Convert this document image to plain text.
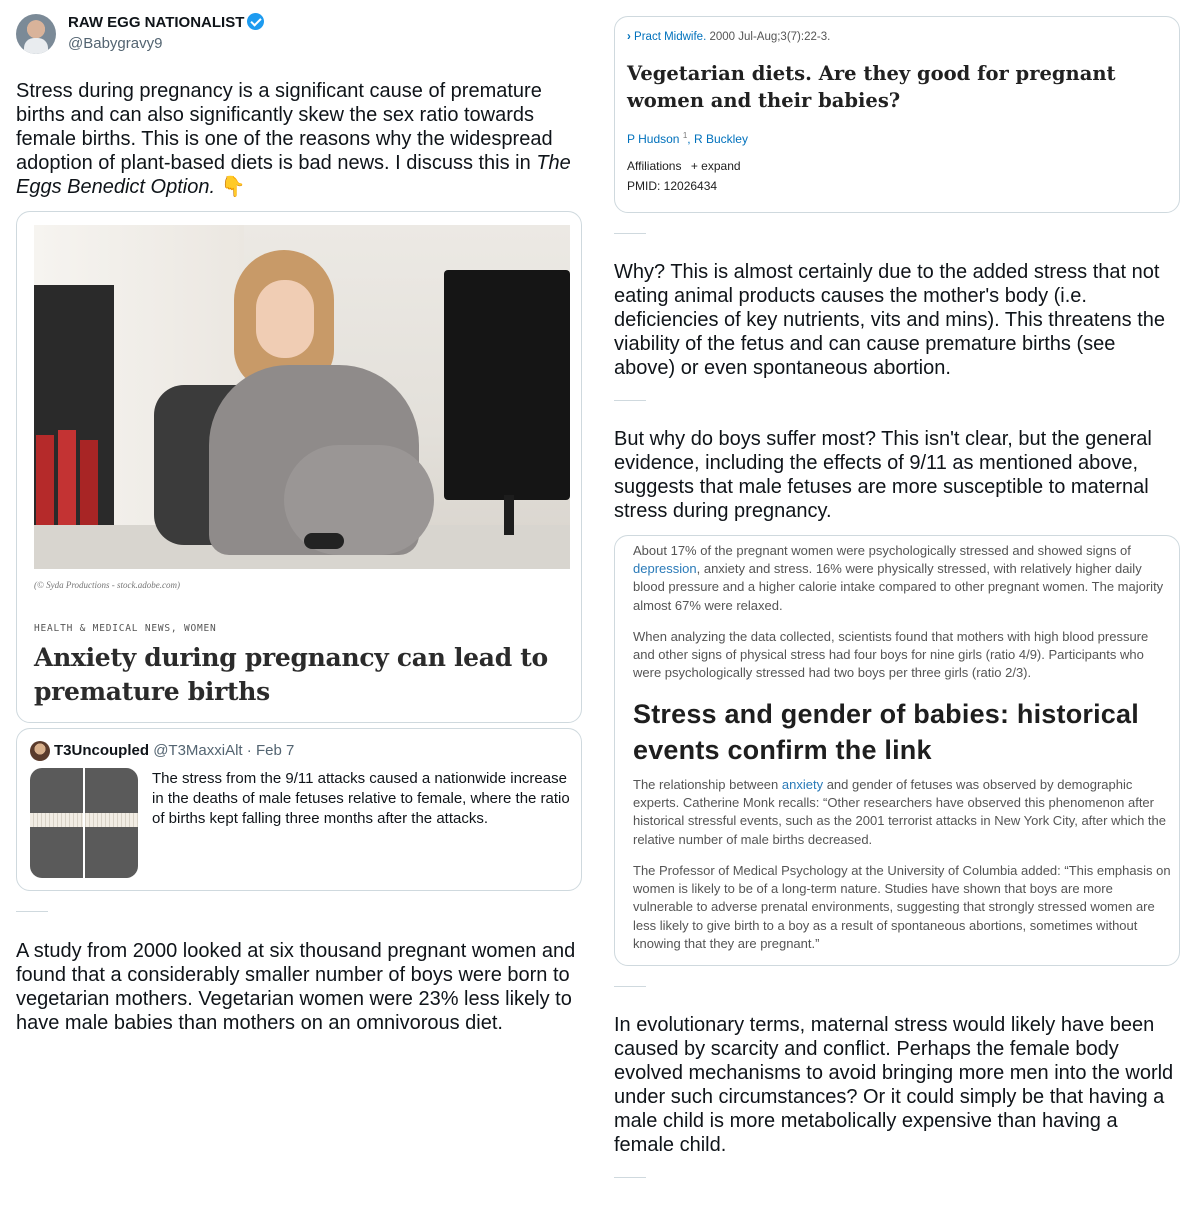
RAW EGG NATIONALIST
@Babygravy9
Stress during pregnancy is a significant cause of premature births and can also significantly skew the sex ratio towards female births. This is one of the reasons why the widespread adoption of plant-based diets is bad news. I discuss this in The Eggs Benedict Option. 👇
(© Syda Productions - stock.adobe.com)
HEALTH & MEDICAL NEWS, WOMEN
Anxiety during pregnancy can lead to premature births
T3Uncoupled @T3MaxxiAlt · Feb 7
The stress from the 9/11 attacks caused a nationwide increase in the deaths of male fetuses relative to female, where the ratio of births kept falling three months after the attacks.
A study from 2000 looked at six thousand pregnant women and found that a considerably smaller number of boys were born to vegetarian mothers. Vegetarian women were 23% less likely to have male babies than mothers on an omnivorous diet.
› Pract Midwife. 2000 Jul-Aug;3(7):22-3.
Vegetarian diets. Are they good for pregnant women and their babies?
P Hudson $^1$, R Buckley
Affiliations + expand
PMID: 12026434
Why? This is almost certainly due to the added stress that not eating animal products causes the mother's body (i.e. deficiencies of key nutrients, vits and mins). This threatens the viability of the fetus and can cause premature births (see above) or even spontaneous abortion.
But why do boys suffer most? This isn't clear, but the general evidence, including the effects of 9/11 as mentioned above, suggests that male fetuses are more susceptible to maternal stress during pregnancy.
About 17% of the pregnant women were psychologically stressed and showed signs of depression, anxiety and stress. 16% were physically stressed, with relatively higher daily blood pressure and a higher calorie intake compared to other pregnant women. The majority almost 67% were relaxed.
When analyzing the data collected, scientists found that mothers with high blood pressure and other signs of physical stress had four boys for nine girls (ratio 4/9). Participants who were psychologically stressed had two boys per three girls (ratio 2/3).
Stress and gender of babies: historical events confirm the link
The relationship between anxiety and gender of fetuses was observed by demographic experts. Catherine Monk recalls: “Other researchers have observed this phenomenon after historical stressful events, such as the 2001 terrorist attacks in New York City, after which the relative number of male births decreased.
The Professor of Medical Psychology at the University of Columbia added: “This emphasis on women is likely to be of a long-term nature. Studies have shown that boys are more vulnerable to adverse prenatal environments, suggesting that strongly stressed women are less likely to give birth to a boy as a result of spontaneous abortions, sometimes without knowing that they are pregnant.”
In evolutionary terms, maternal stress would likely have been caused by scarcity and conflict. Perhaps the female body evolved mechanisms to avoid bringing more men into the world under such circumstances? Or it could simply be that having a male child is more metabolically expensive than having a female child.
